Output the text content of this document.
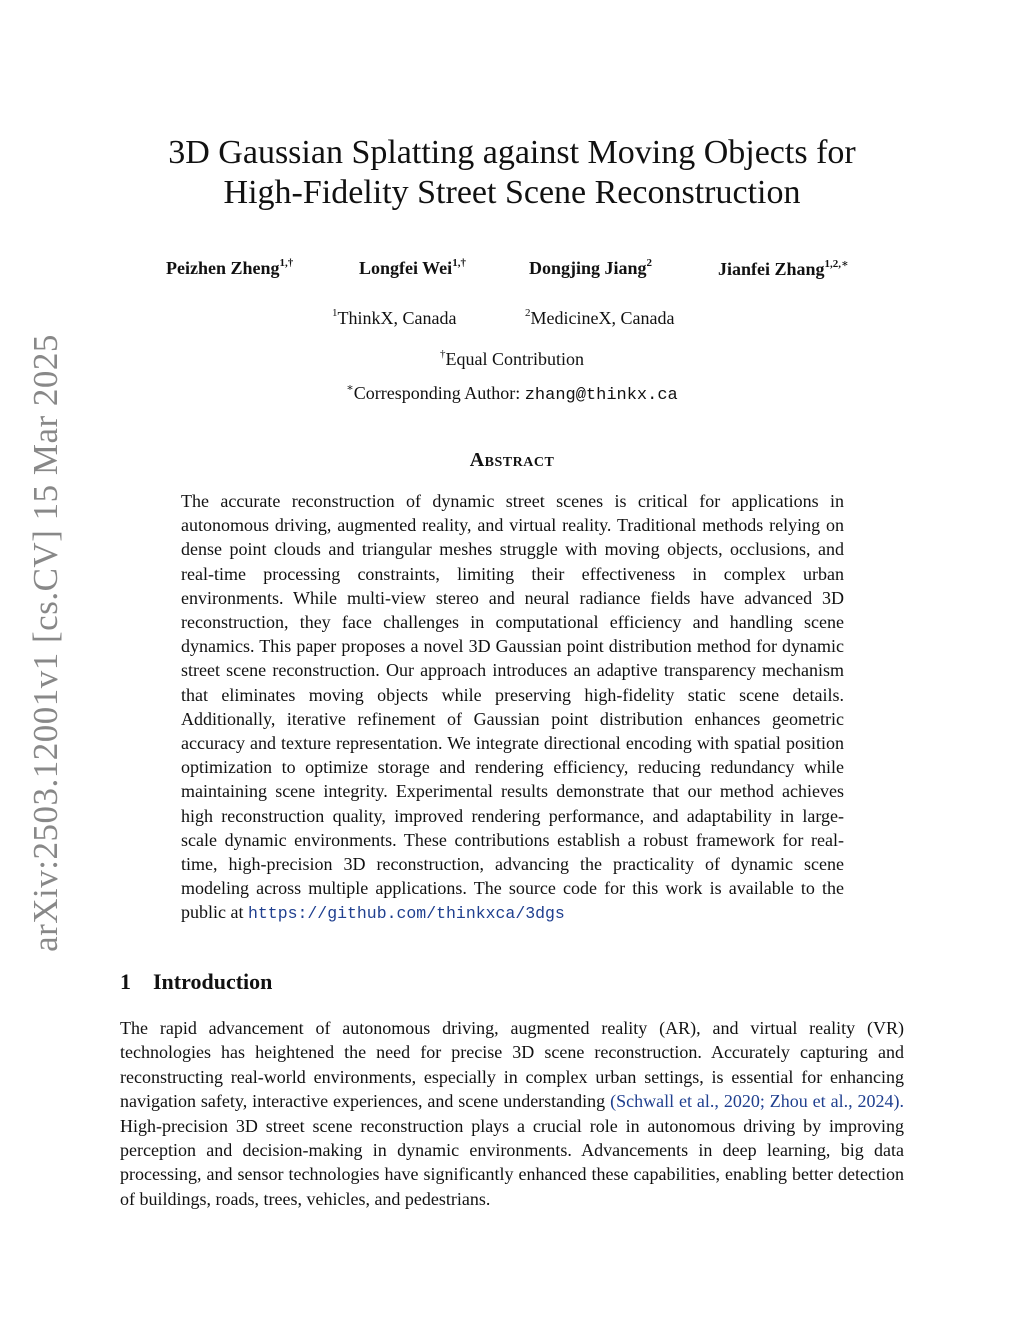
arXiv:2503.12001v1 [cs.CV] 15 Mar 2025
3D Gaussian Splatting against Moving Objects for
High-Fidelity Street Scene Reconstruction
Peizhen Zheng$^{1,\dagger}$	Longfei Wei$^{1,\dagger}$	Dongjing Jiang$^2$	Jianfei Zhang$^{1,2,∗}$
$^1$ThinkX, Canada	$^2$MedicineX, Canada
†Equal Contribution
∗Corresponding Author: zhang@thinkx.ca
Abstract
The accurate reconstruction of dynamic street scenes is critical for applications in autonomous driving, augmented reality, and virtual reality. Traditional methods relying on dense point clouds and triangular meshes struggle with moving objects, occlusions, and real-time processing constraints, limiting their effectiveness in complex urban environments. While multi-view stereo and neural radiance fields have advanced 3D reconstruction, they face challenges in computational efficiency and handling scene dynamics. This paper proposes a novel 3D Gaussian point distribution method for dynamic street scene reconstruction. Our approach introduces an adaptive transparency mechanism that eliminates moving objects while preserving high-fidelity static scene details. Additionally, iterative refinement of Gaussian point distribution enhances geometric accuracy and texture representation. We integrate directional encoding with spatial position optimization to optimize storage and rendering efficiency, reducing redundancy while maintaining scene integrity. Experimental results demonstrate that our method achieves high reconstruction quality, improved rendering performance, and adaptability in large-scale dynamic environments. These contributions establish a robust framework for real-time, high-precision 3D reconstruction, advancing the practicality of dynamic scene modeling across multiple applications. The source code for this work is available to the public at https://github.com/thinkxca/3dgs
1 Introduction
The rapid advancement of autonomous driving, augmented reality (AR), and virtual reality (VR) technologies has heightened the need for precise 3D scene reconstruction. Accurately capturing and reconstructing real-world environments, especially in complex urban settings, is essential for enhancing navigation safety, interactive experiences, and scene understanding (Schwall et al., 2020; Zhou et al., 2024). High-precision 3D street scene reconstruction plays a crucial role in autonomous driving by improving perception and decision-making in dynamic environments. Advancements in deep learning, big data processing, and sensor technologies have significantly enhanced these capabilities, enabling better detection of buildings, roads, trees, vehicles, and pedestrians.
